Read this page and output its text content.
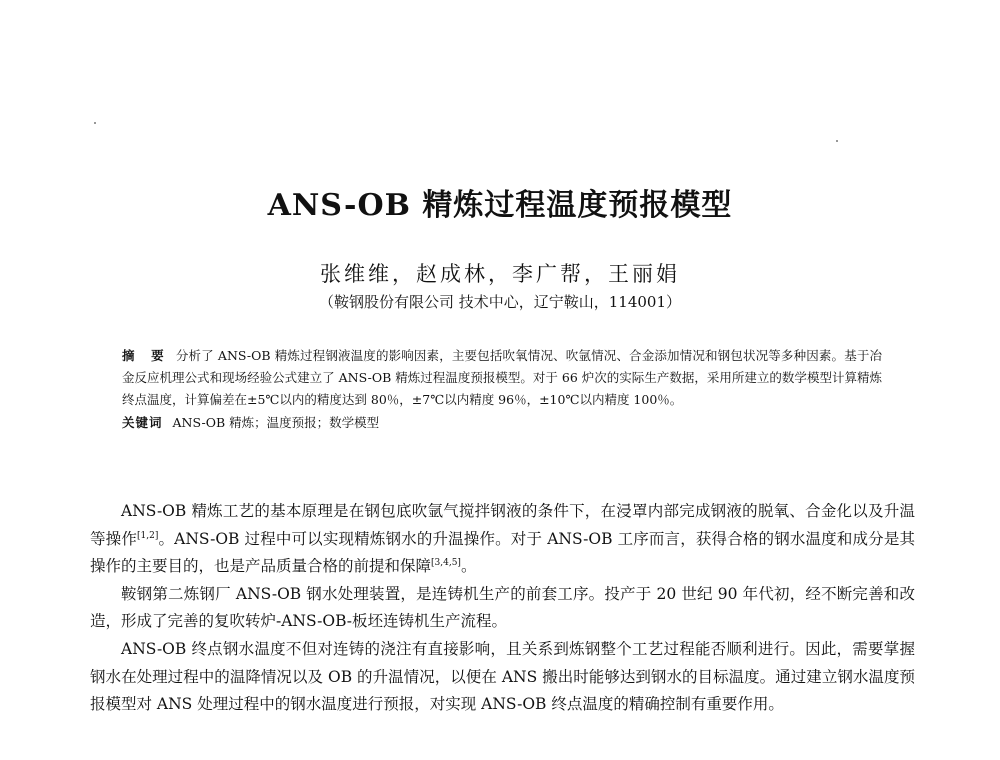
ANS-OB 精炼过程温度预报模型
张维维，赵成林，李广帮，王丽娟
（鞍钢股份有限公司 技术中心，辽宁鞍山，114001）
摘 要 分析了 ANS-OB 精炼过程钢液温度的影响因素，主要包括吹氧情况、吹氩情况、合金添加情况和钢包状况等多种因素。基于冶金反应机理公式和现场经验公式建立了 ANS-OB 精炼过程温度预报模型。对于 66 炉次的实际生产数据，采用所建立的数学模型计算精炼终点温度，计算偏差在±5℃以内的精度达到 80％，±7℃以内精度 96％，±10℃以内精度 100％。
关键词 ANS-OB 精炼；温度预报；数学模型

ANS-OB 精炼工艺的基本原理是在钢包底吹氩气搅拌钢液的条件下，在浸罩内部完成钢液的脱氧、合金化以及升温等操作[1,2]。ANS-OB 过程中可以实现精炼钢水的升温操作。对于 ANS-OB 工序而言，获得合格的钢水温度和成分是其操作的主要目的，也是产品质量合格的前提和保障[3,4,5]。

鞍钢第二炼钢厂 ANS-OB 钢水处理装置，是连铸机生产的前套工序。投产于 20 世纪 90 年代初，经不断完善和改造，形成了完善的复吹转炉-ANS-OB-板坯连铸机生产流程。

ANS-OB 终点钢水温度不但对连铸的浇注有直接影响，且关系到炼钢整个工艺过程能否顺利进行。因此，需要掌握钢水在处理过程中的温降情况以及 OB 的升温情况，以便在 ANS 搬出时能够达到钢水的目标温度。通过建立钢水温度预报模型对 ANS 处理过程中的钢水温度进行预报，对实现 ANS-OB 终点温度的精确控制有重要作用。
